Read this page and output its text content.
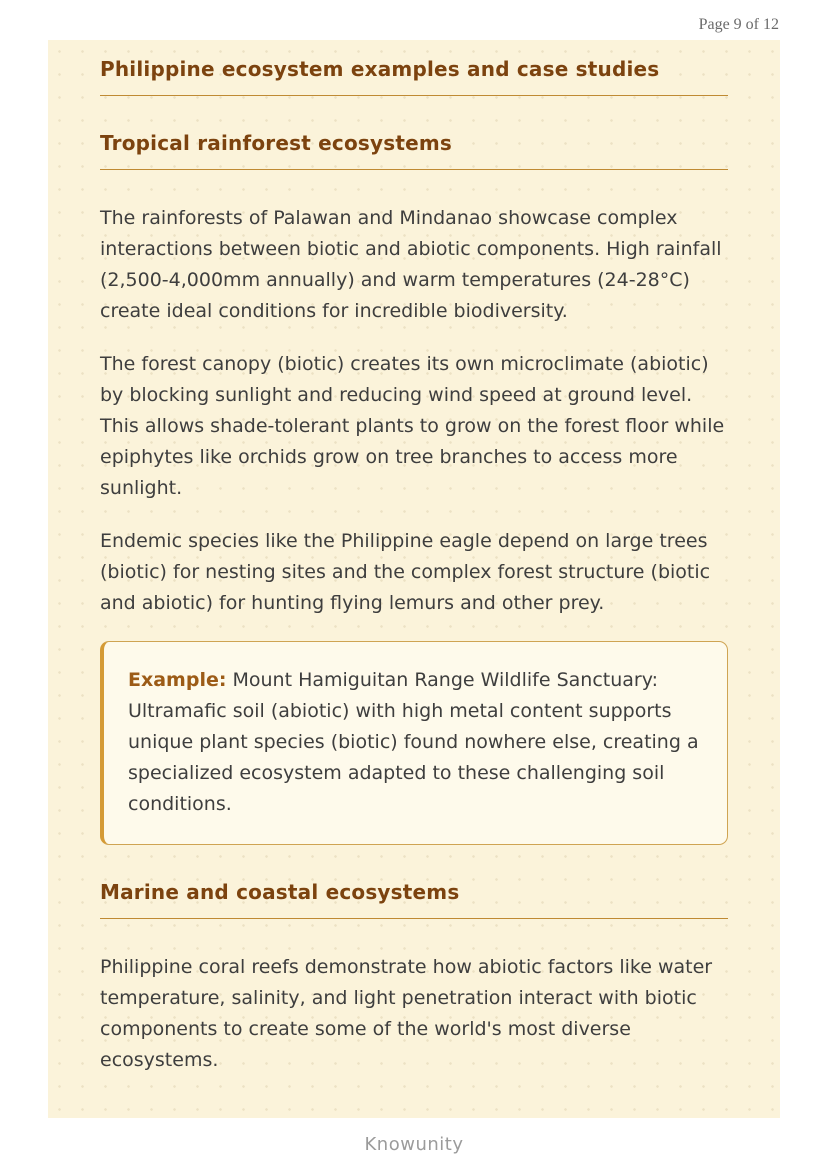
Page 9 of 12
Philippine ecosystem examples and case studies
Tropical rainforest ecosystems

The rainforests of Palawan and Mindanao showcase complex interactions between biotic and abiotic components. High rainfall (2,500-4,000mm annually) and warm temperatures (24-28°C) create ideal conditions for incredible biodiversity.

The forest canopy (biotic) creates its own microclimate (abiotic) by blocking sunlight and reducing wind speed at ground level. This allows shade-tolerant plants to grow on the forest floor while epiphytes like orchids grow on tree branches to access more sunlight.

Endemic species like the Philippine eagle depend on large trees (biotic) for nesting sites and the complex forest structure (biotic and abiotic) for hunting flying lemurs and other prey.

Example: Mount Hamiguitan Range Wildlife Sanctuary: Ultramafic soil (abiotic) with high metal content supports unique plant species (biotic) found nowhere else, creating a specialized ecosystem adapted to these challenging soil conditions.

Marine and coastal ecosystems

Philippine coral reefs demonstrate how abiotic factors like water temperature, salinity, and light penetration interact with biotic components to create some of the world's most diverse ecosystems.

Knowunity
